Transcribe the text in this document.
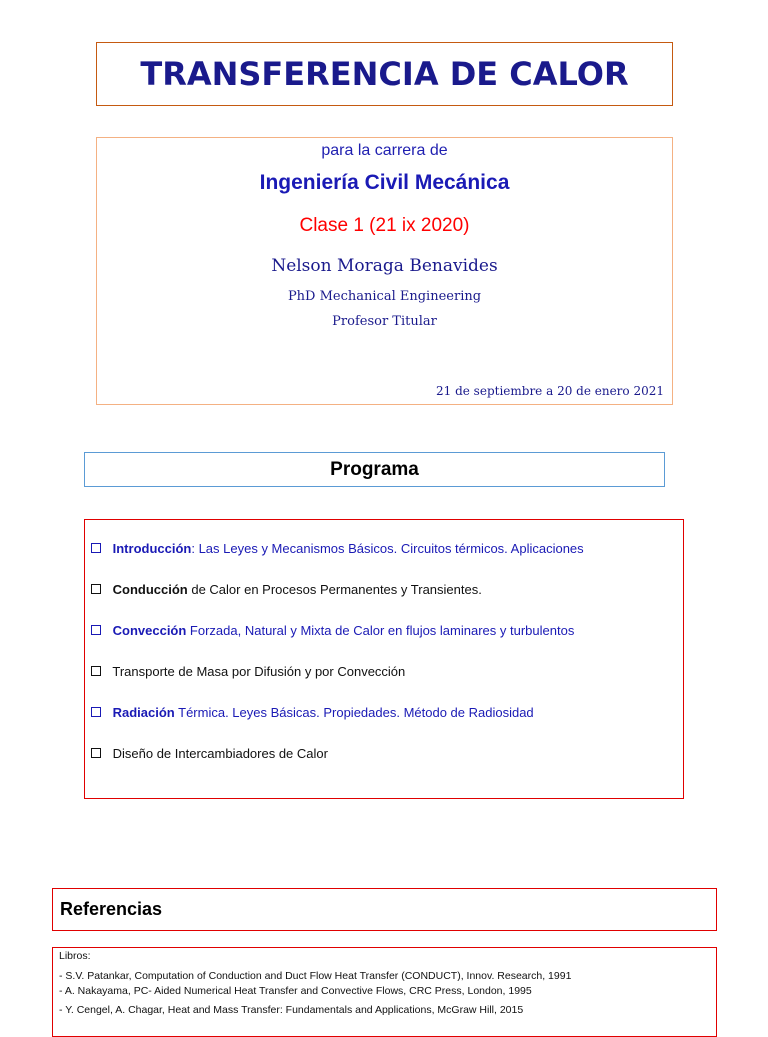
TRANSFERENCIA DE CALOR
para la carrera de
Ingeniería Civil Mecánica
Clase 1 (21 ix 2020)
Nelson Moraga Benavides
PhD Mechanical Engineering
Profesor Titular
21 de septiembre a 20 de enero 2021
Programa
Introducción: Las Leyes y Mecanismos Básicos. Circuitos térmicos. Aplicaciones
Conducción de Calor en Procesos Permanentes y Transientes.
Convección Forzada, Natural y Mixta de Calor en flujos laminares y turbulentos
Transporte de Masa por Difusión y por Convección
Radiación Térmica. Leyes Básicas. Propiedades. Método de Radiosidad
Diseño de Intercambiadores de Calor
Referencias
Libros:
- S.V. Patankar, Computation of Conduction and Duct Flow Heat Transfer (CONDUCT), Innov. Research, 1991
- A. Nakayama, PC- Aided Numerical Heat Transfer and Convective Flows, CRC Press, London, 1995
- Y. Cengel, A. Chagar, Heat and Mass Transfer: Fundamentals and Applications, McGraw Hill, 2015
